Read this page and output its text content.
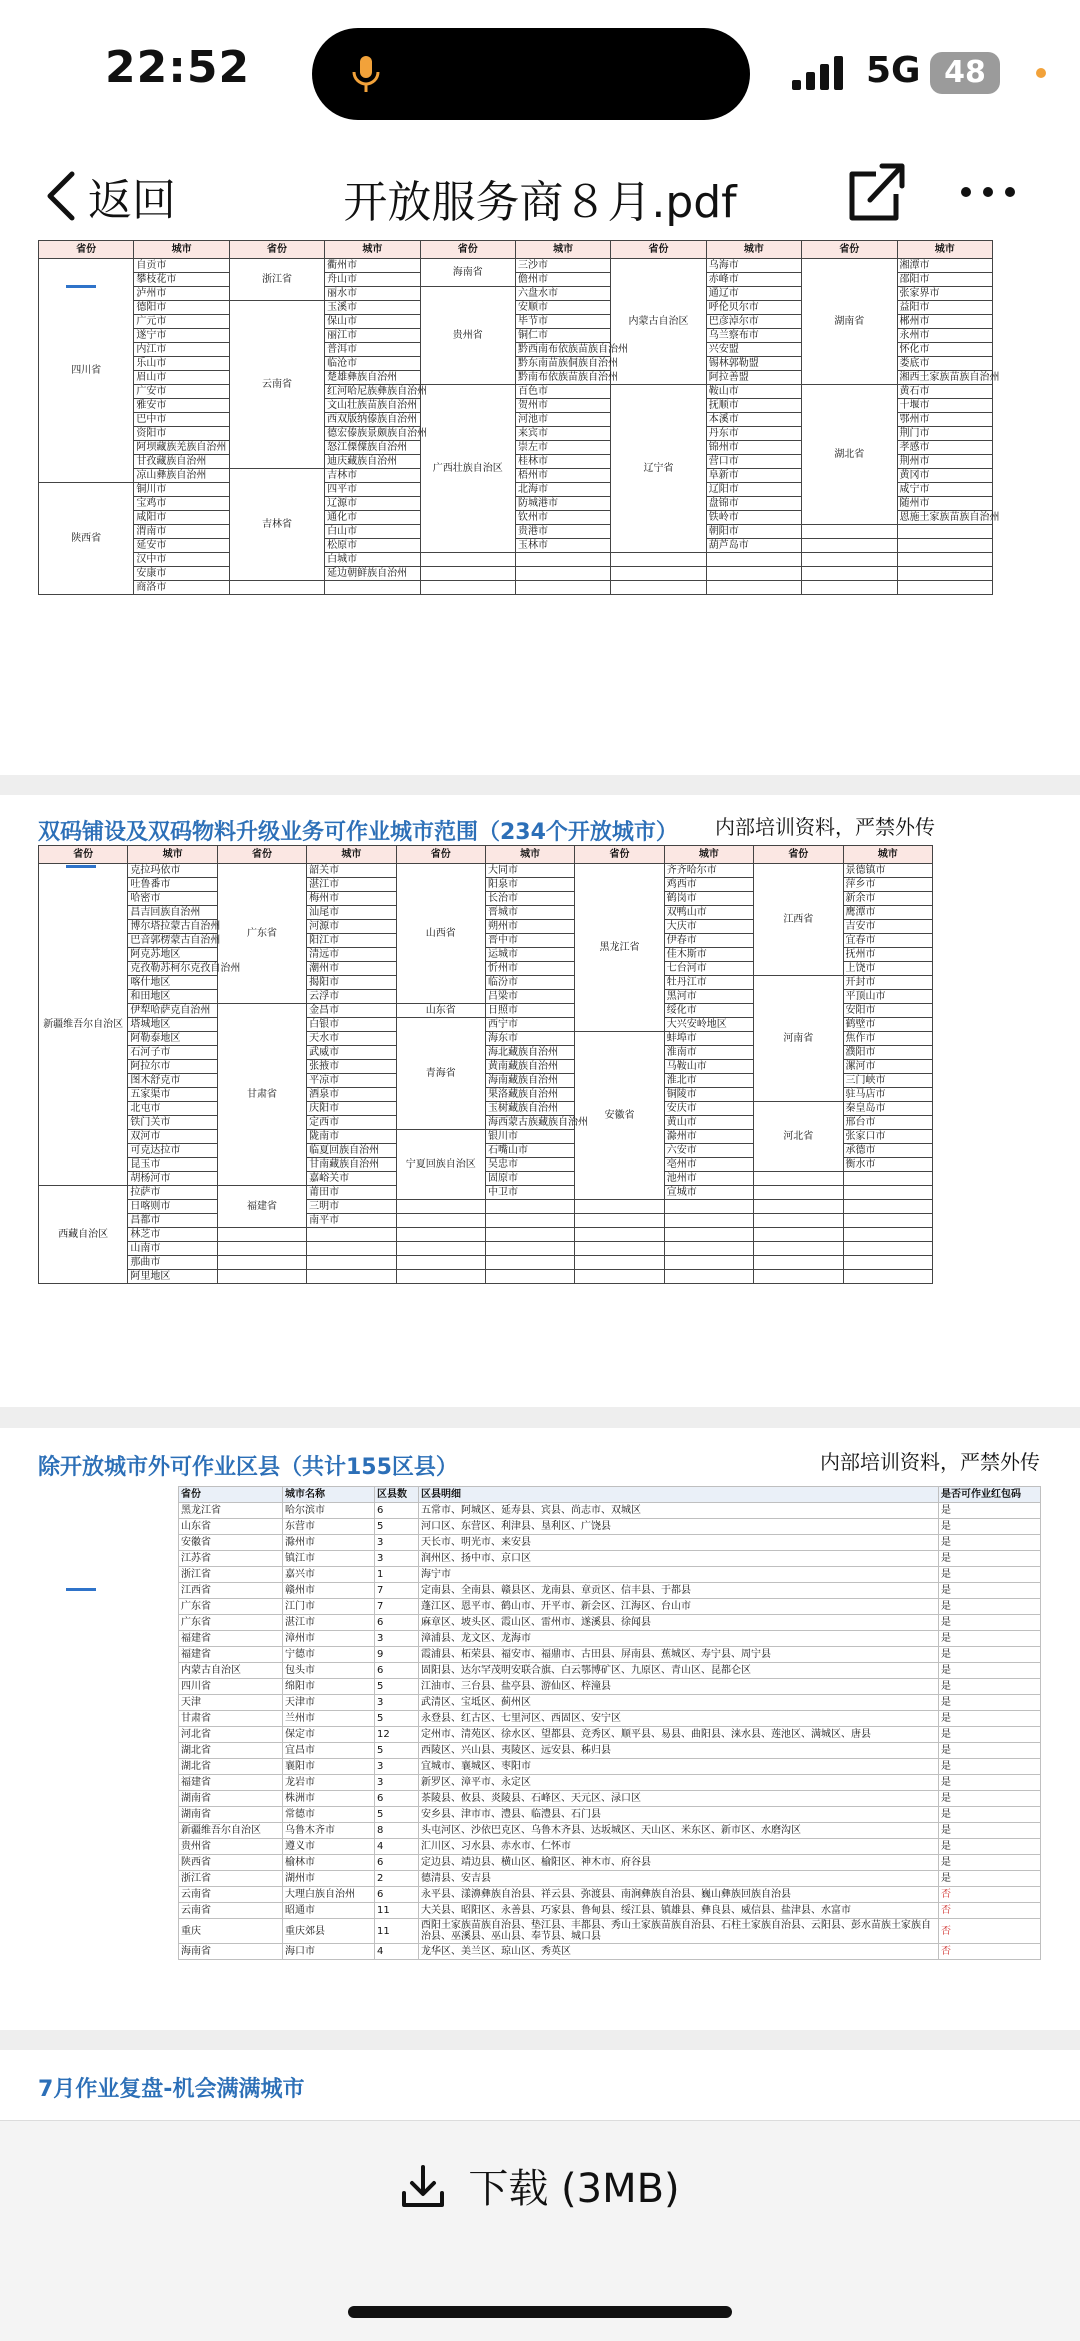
22:52	5G 48
开放服务商８月.pdf
返回
省份	城市	省份	城市	省份	城市	省份	城市	省份	城市
四川省	自贡市	浙江省	衢州市	海南省	三沙市	内蒙古自治区	乌海市	湖南省	湘潭市
	攀枝花市		舟山市		儋州市		赤峰市		邵阳市
	泸州市		丽水市	贵州省	六盘水市		通辽市		张家界市
	德阳市	云南省	玉溪市		安顺市		呼伦贝尔市		益阳市
	广元市		保山市		毕节市		巴彦淖尔市		郴州市
	遂宁市		丽江市		铜仁市		乌兰察布市		永州市
	内江市		普洱市		黔西南布依族苗族自治州		兴安盟		怀化市
	乐山市		临沧市		黔东南苗族侗族自治州		锡林郭勒盟		娄底市
	眉山市		楚雄彝族自治州		黔南布依族苗族自治州		阿拉善盟		湘西土家族苗族自治州
	广安市		红河哈尼族彝族自治州	广西壮族自治区	百色市	辽宁省	鞍山市	湖北省	黄石市
	雅安市		文山壮族苗族自治州		贺州市		抚顺市		十堰市
	巴中市		西双版纳傣族自治州		河池市		本溪市		鄂州市
	资阳市		德宏傣族景颇族自治州		来宾市		丹东市		荆门市
	阿坝藏族羌族自治州		怒江傈僳族自治州		崇左市		锦州市		孝感市
	甘孜藏族自治州		迪庆藏族自治州		桂林市		营口市		荆州市
	凉山彝族自治州	吉林省	吉林市		梧州市		阜新市		黄冈市
陕西省	铜川市		四平市		北海市		辽阳市		咸宁市
	宝鸡市		辽源市		防城港市		盘锦市		随州市
	咸阳市		通化市		钦州市		铁岭市		恩施土家族苗族自治州
	渭南市		白山市		贵港市		朝阳市		
	延安市		松原市		玉林市		葫芦岛市		
	汉中市		白城市						
	安康市		延边朝鲜族自治州						
	商洛市								
双码铺设及双码物料升级业务可作业城市范围（234个开放城市） 内部培训资料，严禁外传
省份	城市	省份	城市	省份	城市	省份	城市	省份	城市
新疆维吾尔自治区	克拉玛依市	广东省	韶关市	山西省	大同市	黑龙江省	齐齐哈尔市	江西省	景德镇市
	吐鲁番市		湛江市		阳泉市		鸡西市		萍乡市
	哈密市		梅州市		长治市		鹤岗市		新余市
	昌吉回族自治州		汕尾市		晋城市		双鸭山市		鹰潭市
	博尔塔拉蒙古自治州		河源市		朔州市		大庆市		吉安市
	巴音郭楞蒙古自治州		阳江市		晋中市		伊春市		宜春市
	阿克苏地区		清远市		运城市		佳木斯市		抚州市
	克孜勒苏柯尔克孜自治州		潮州市		忻州市		七台河市		上饶市
	喀什地区		揭阳市		临汾市		牡丹江市	河南省	开封市
	和田地区		云浮市		吕梁市		黑河市		平顶山市
	伊犁哈萨克自治州	甘肃省	金昌市	山东省	日照市		绥化市		安阳市
	塔城地区		白银市	青海省	西宁市		大兴安岭地区		鹤壁市
	阿勒泰地区		天水市		海东市	安徽省	蚌埠市		焦作市
	石河子市		武威市		海北藏族自治州		淮南市		濮阳市
	阿拉尔市		张掖市		黄南藏族自治州		马鞍山市		漯河市
	图木舒克市		平凉市		海南藏族自治州		淮北市		三门峡市
	五家渠市		酒泉市		果洛藏族自治州		铜陵市		驻马店市
	北屯市		庆阳市		玉树藏族自治州		安庆市	河北省	秦皇岛市
	铁门关市		定西市		海西蒙古族藏族自治州		黄山市		邢台市
	双河市		陇南市	宁夏回族自治区	银川市		滁州市		张家口市
	可克达拉市		临夏回族自治州		石嘴山市		六安市		承德市
	昆玉市		甘南藏族自治州		吴忠市		亳州市		衡水市
	胡杨河市		嘉峪关市		固原市		池州市		
西藏自治区	拉萨市	福建省	莆田市		中卫市		宣城市		
	日喀则市		三明市						
	昌都市		南平市						
	林芝市								
	山南市								
	那曲市								
	阿里地区								
除开放城市外可作业区县（共计155区县）	内部培训资料，严禁外传
省份	城市名称	区县数	区县明细	是否可作业红包码
黑龙江省	哈尔滨市	6	五常市、阿城区、延寿县、宾县、尚志市、双城区	是
山东省	东营市	5	河口区、东营区、利津县、垦利区、广饶县	是
安徽省	滁州市	3	天长市、明光市、来安县	是
江苏省	镇江市	3	润州区、扬中市、京口区	是
浙江省	嘉兴市	1	海宁市	是
江西省	赣州市	7	定南县、全南县、赣县区、龙南县、章贡区、信丰县、于都县	是
广东省	江门市	7	蓬江区、恩平市、鹤山市、开平市、新会区、江海区、台山市	是
广东省	湛江市	6	麻章区、坡头区、霞山区、雷州市、遂溪县、徐闻县	是
福建省	漳州市	3	漳浦县、龙文区、龙海市	是
福建省	宁德市	9	霞浦县、柘荣县、福安市、福鼎市、古田县、屏南县、蕉城区、寿宁县、周宁县	是
内蒙古自治区	包头市	6	固阳县、达尔罕茂明安联合旗、白云鄂博矿区、九原区、青山区、昆都仑区	是
四川省	绵阳市	5	江油市、三台县、盐亭县、游仙区、梓潼县	是
天津	天津市	3	武清区、宝坻区、蓟州区	是
甘肃省	兰州市	5	永登县、红古区、七里河区、西固区、安宁区	是
河北省	保定市	12	定州市、清苑区、徐水区、望都县、竞秀区、顺平县、易县、曲阳县、涞水县、莲池区、满城区、唐县	是
湖北省	宜昌市	5	西陵区、兴山县、夷陵区、远安县、秭归县	是
湖北省	襄阳市	3	宜城市、襄城区、枣阳市	是
福建省	龙岩市	3	新罗区、漳平市、永定区	是
湖南省	株洲市	6	茶陵县、攸县、炎陵县、石峰区、天元区、渌口区	是
湖南省	常德市	5	安乡县、津市市、澧县、临澧县、石门县	是
新疆维吾尔自治区	乌鲁木齐市	8	头屯河区、沙依巴克区、乌鲁木齐县、达坂城区、天山区、米东区、新市区、水磨沟区	是
贵州省	遵义市	4	汇川区、习水县、赤水市、仁怀市	是
陕西省	榆林市	6	定边县、靖边县、横山区、榆阳区、神木市、府谷县	是
浙江省	湖州市	2	德清县、安吉县	是
云南省	大理白族自治州	6	永平县、漾濞彝族自治县、祥云县、弥渡县、南涧彝族自治县、巍山彝族回族自治县	否
云南省	昭通市	11	大关县、昭阳区、永善县、巧家县、鲁甸县、绥江县、镇雄县、彝良县、威信县、盐津县、水富市	否
重庆	重庆郊县	11	酉阳土家族苗族自治县、垫江县、丰都县、秀山土家族苗族自治县、石柱土家族自治县、云阳县、彭水苗族土家族自治县、巫溪县、巫山县、奉节县、城口县	否
海南省	海口市	4	龙华区、美兰区、琼山区、秀英区	否
7月作业复盘-机会满满城市
下载 (3MB)
